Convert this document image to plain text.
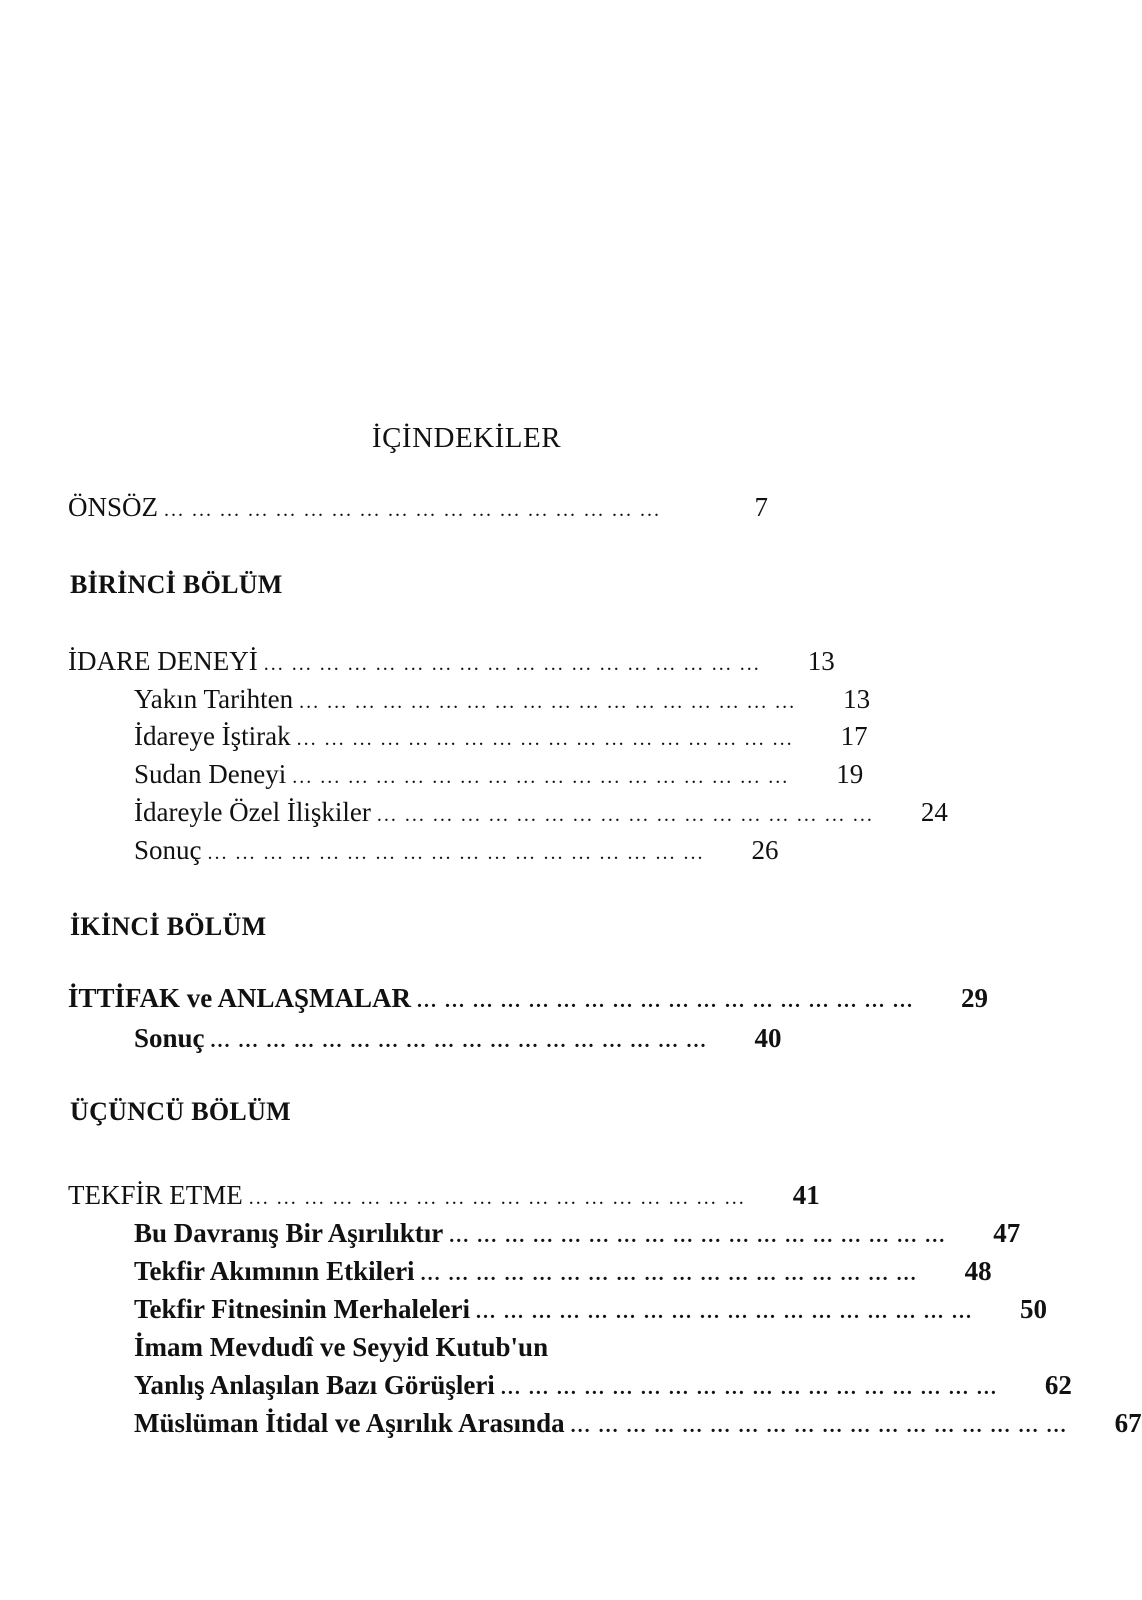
İÇİNDEKİLER
ÖNSÖZ ... ... ... ... ... ... ... ... ... ... ... ... ... ... ... ... ... ...	7
BİRİNCİ BÖLÜM
İDARE DENEYİ ... ... ... ... ... ... ... ... ... ... ... ... ... ... ... ... ... ...	13
Yakın Tarihten ... ... ... ... ... ... ... ... ... ... ... ... ... ... ... ... ... ...	13
İdareye İştirak ... ... ... ... ... ... ... ... ... ... ... ... ... ... ... ... ... ...	17
Sudan Deneyi ... ... ... ... ... ... ... ... ... ... ... ... ... ... ... ... ... ...	19
İdareyle Özel İlişkiler ... ... ... ... ... ... ... ... ... ... ... ... ... ... ... ... ... ...	24
Sonuç ... ... ... ... ... ... ... ... ... ... ... ... ... ... ... ... ... ...	26
İKİNCİ BÖLÜM
İTTİFAK ve ANLAŞMALAR ... ... ... ... ... ... ... ... ... ... ... ... ... ... ... ... ... ...	29
Sonuç ... ... ... ... ... ... ... ... ... ... ... ... ... ... ... ... ... ...	40
ÜÇÜNCÜ BÖLÜM
TEKFİR ETME ... ... ... ... ... ... ... ... ... ... ... ... ... ... ... ... ... ...	41
Bu Davranış Bir Aşırılıktır ... ... ... ... ... ... ... ... ... ... ... ... ... ... ... ... ... ...	47
Tekfir Akımının Etkileri ... ... ... ... ... ... ... ... ... ... ... ... ... ... ... ... ... ...	48
Tekfir Fitnesinin Merhaleleri ... ... ... ... ... ... ... ... ... ... ... ... ... ... ... ... ... ...	50
İmam Mevdudî ve Seyyid Kutub'un
Yanlış Anlaşılan Bazı Görüşleri ... ... ... ... ... ... ... ... ... ... ... ... ... ... ... ... ... ...	62
Müslüman İtidal ve Aşırılık Arasında ... ... ... ... ... ... ... ... ... ... ... ... ... ... ... ... ... ...	67
